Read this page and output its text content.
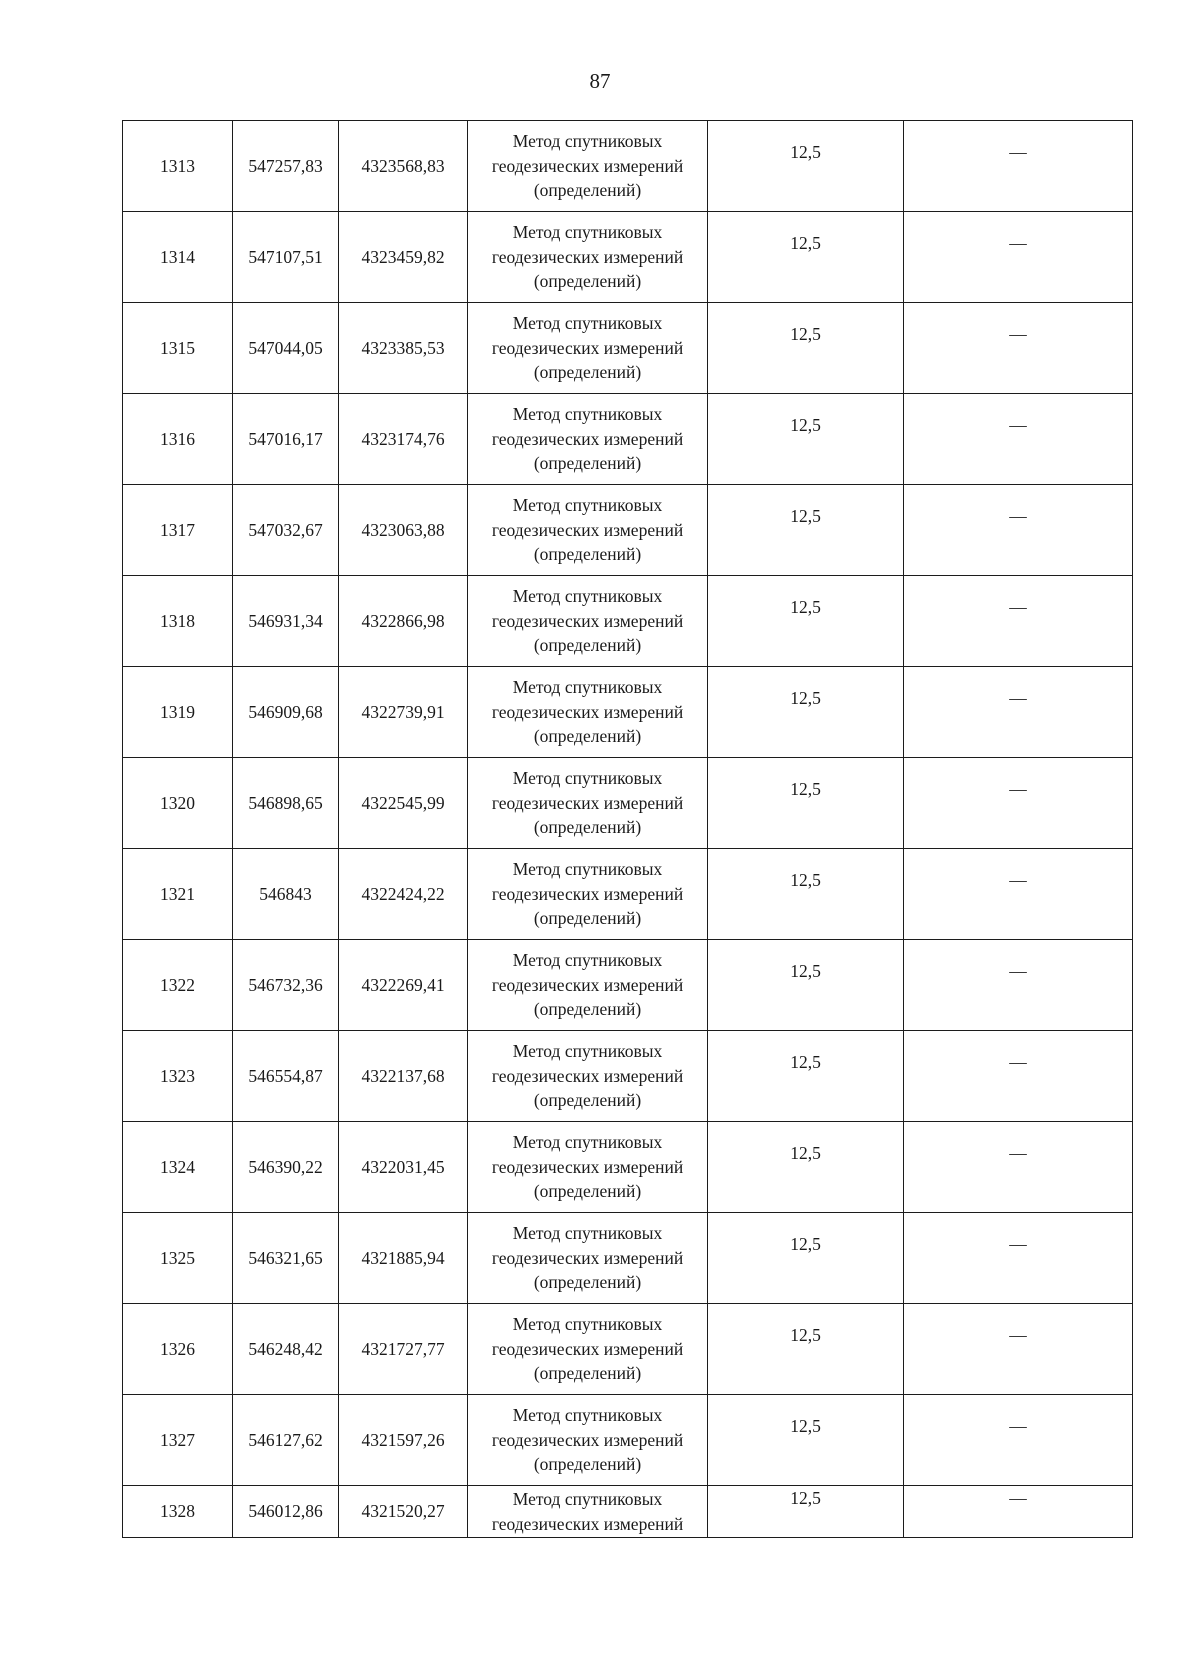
87
1313	547257,83	4323568,83	Метод спутниковых
геодезических измерений
(определений)	12,5	—
1314	547107,51	4323459,82	Метод спутниковых
геодезических измерений
(определений)	12,5	—
1315	547044,05	4323385,53	Метод спутниковых
геодезических измерений
(определений)	12,5	—
1316	547016,17	4323174,76	Метод спутниковых
геодезических измерений
(определений)	12,5	—
1317	547032,67	4323063,88	Метод спутниковых
геодезических измерений
(определений)	12,5	—
1318	546931,34	4322866,98	Метод спутниковых
геодезических измерений
(определений)	12,5	—
1319	546909,68	4322739,91	Метод спутниковых
геодезических измерений
(определений)	12,5	—
1320	546898,65	4322545,99	Метод спутниковых
геодезических измерений
(определений)	12,5	—
1321	546843	4322424,22	Метод спутниковых
геодезических измерений
(определений)	12,5	—
1322	546732,36	4322269,41	Метод спутниковых
геодезических измерений
(определений)	12,5	—
1323	546554,87	4322137,68	Метод спутниковых
геодезических измерений
(определений)	12,5	—
1324	546390,22	4322031,45	Метод спутниковых
геодезических измерений
(определений)	12,5	—
1325	546321,65	4321885,94	Метод спутниковых
геодезических измерений
(определений)	12,5	—
1326	546248,42	4321727,77	Метод спутниковых
геодезических измерений
(определений)	12,5	—
1327	546127,62	4321597,26	Метод спутниковых
геодезических измерений
(определений)	12,5	—
1328	546012,86	4321520,27	Метод спутниковых
геодезических измерений	12,5	—
